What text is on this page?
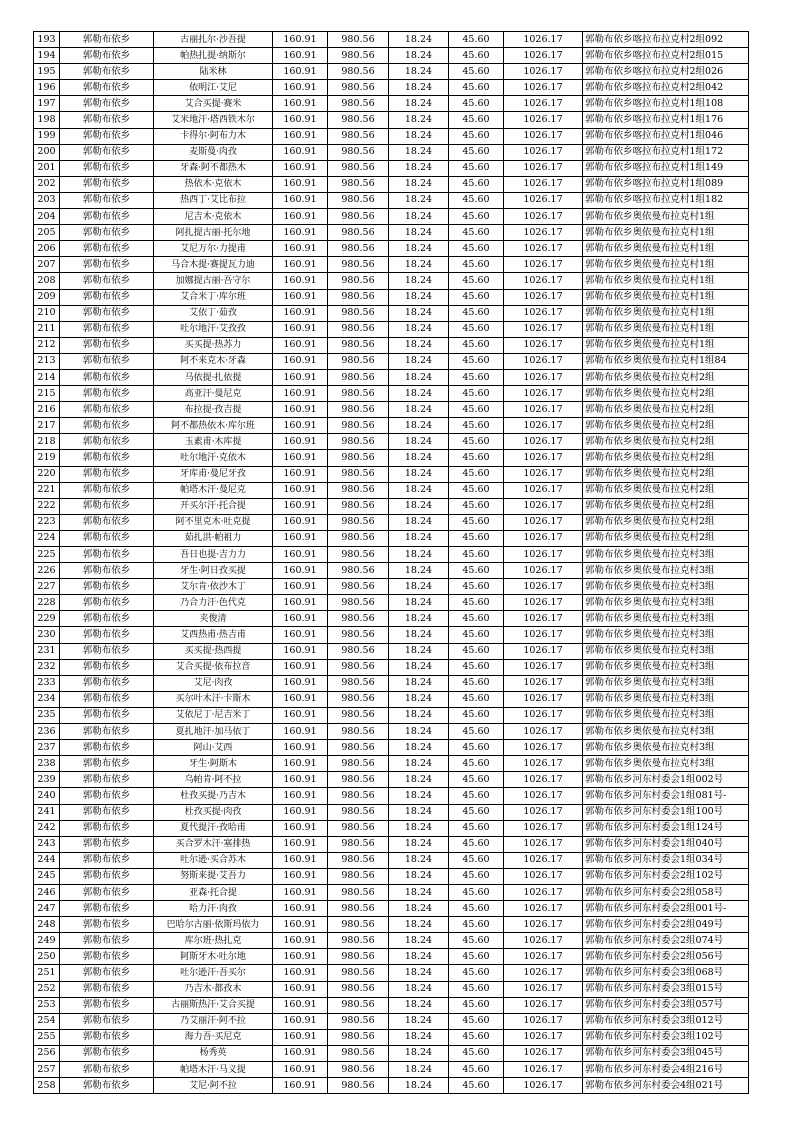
193	郭勒布依乡	古丽扎尔·沙吾提	160.91	980.56	18.24	45.60	1026.17	郭勒布依乡喀拉布拉克村2组092
194	郭勒布依乡	帕热扎提·纳斯尔	160.91	980.56	18.24	45.60	1026.17	郭勒布依乡喀拉布拉克村2组015
195	郭勒布依乡	陆米林	160.91	980.56	18.24	45.60	1026.17	郭勒布依乡喀拉布拉克村2组026
196	郭勒布依乡	依明江·艾尼	160.91	980.56	18.24	45.60	1026.17	郭勒布依乡喀拉布拉克村2组042
197	郭勒布依乡	艾合买提·赛米	160.91	980.56	18.24	45.60	1026.17	郭勒布依乡喀拉布拉克村1组108
198	郭勒布依乡	艾米地汗·塔西铁木尔	160.91	980.56	18.24	45.60	1026.17	郭勒布依乡喀拉布拉克村1组176
199	郭勒布依乡	卡得尔·阿布力木	160.91	980.56	18.24	45.60	1026.17	郭勒布依乡喀拉布拉克村1组046
200	郭勒布依乡	麦斯曼·肉孜	160.91	980.56	18.24	45.60	1026.17	郭勒布依乡喀拉布拉克村1组172
201	郭勒布依乡	牙森·阿不都热木	160.91	980.56	18.24	45.60	1026.17	郭勒布依乡喀拉布拉克村1组149
202	郭勒布依乡	热依木·克依木	160.91	980.56	18.24	45.60	1026.17	郭勒布依乡喀拉布拉克村1组089
203	郭勒布依乡	热西丁·艾比布拉	160.91	980.56	18.24	45.60	1026.17	郭勒布依乡喀拉布拉克村1组182
204	郭勒布依乡	尼吉木·克依木	160.91	980.56	18.24	45.60	1026.17	郭勒布依乡奥依曼布拉克村1组
205	郭勒布依乡	阿扎提古丽·托尔地	160.91	980.56	18.24	45.60	1026.17	郭勒布依乡奥依曼布拉克村1组
206	郭勒布依乡	艾尼万尔·力提甫	160.91	980.56	18.24	45.60	1026.17	郭勒布依乡奥依曼布拉克村1组
207	郭勒布依乡	马合木提·赛提瓦力迪	160.91	980.56	18.24	45.60	1026.17	郭勒布依乡奥依曼布拉克村1组
208	郭勒布依乡	加娜提古丽·吾守尔	160.91	980.56	18.24	45.60	1026.17	郭勒布依乡奥依曼布拉克村1组
209	郭勒布依乡	艾合米丁·库尔班	160.91	980.56	18.24	45.60	1026.17	郭勒布依乡奥依曼布拉克村1组
210	郭勒布依乡	艾依丁·茹孜	160.91	980.56	18.24	45.60	1026.17	郭勒布依乡奥依曼布拉克村1组
211	郭勒布依乡	吐尔地汗·艾孜孜	160.91	980.56	18.24	45.60	1026.17	郭勒布依乡奥依曼布拉克村1组
212	郭勒布依乡	买买提·热苏力	160.91	980.56	18.24	45.60	1026.17	郭勒布依乡奥依曼布拉克村1组
213	郭勒布依乡	阿不来克木·牙森	160.91	980.56	18.24	45.60	1026.17	郭勒布依乡奥依曼布拉克村1组84
214	郭勒布依乡	马依提·扎依提	160.91	980.56	18.24	45.60	1026.17	郭勒布依乡奥依曼布拉克村2组
215	郭勒布依乡	高亚汗·曼尼克	160.91	980.56	18.24	45.60	1026.17	郭勒布依乡奥依曼布拉克村2组
216	郭勒布依乡	布拉提·孜吉提	160.91	980.56	18.24	45.60	1026.17	郭勒布依乡奥依曼布拉克村2组
217	郭勒布依乡	阿不都热依木·库尔班	160.91	980.56	18.24	45.60	1026.17	郭勒布依乡奥依曼布拉克村2组
218	郭勒布依乡	玉素甫·木库提	160.91	980.56	18.24	45.60	1026.17	郭勒布依乡奥依曼布拉克村2组
219	郭勒布依乡	吐尔地汗·克依木	160.91	980.56	18.24	45.60	1026.17	郭勒布依乡奥依曼布拉克村2组
220	郭勒布依乡	牙库甫·曼尼牙孜	160.91	980.56	18.24	45.60	1026.17	郭勒布依乡奥依曼布拉克村2组
221	郭勒布依乡	帕塔木汗·曼尼克	160.91	980.56	18.24	45.60	1026.17	郭勒布依乡奥依曼布拉克村2组
222	郭勒布依乡	开买尔汗·托合提	160.91	980.56	18.24	45.60	1026.17	郭勒布依乡奥依曼布拉克村2组
223	郭勒布依乡	阿不里克木·吐克提	160.91	980.56	18.24	45.60	1026.17	郭勒布依乡奥依曼布拉克村2组
224	郭勒布依乡	茹扎洪·帕祖力	160.91	980.56	18.24	45.60	1026.17	郭勒布依乡奥依曼布拉克村2组
225	郭勒布依乡	吾日也提·吉力力	160.91	980.56	18.24	45.60	1026.17	郭勒布依乡奥依曼布拉克村3组
226	郭勒布依乡	牙生·阿日孜买提	160.91	980.56	18.24	45.60	1026.17	郭勒布依乡奥依曼布拉克村3组
227	郭勒布依乡	艾尔肯·依沙木丁	160.91	980.56	18.24	45.60	1026.17	郭勒布依乡奥依曼布拉克村3组
228	郭勒布依乡	乃合力汗·色代克	160.91	980.56	18.24	45.60	1026.17	郭勒布依乡奥依曼布拉克村3组
229	郭勒布依乡	夹俊清	160.91	980.56	18.24	45.60	1026.17	郭勒布依乡奥依曼布拉克村3组
230	郭勒布依乡	艾西热甫·热吉甫	160.91	980.56	18.24	45.60	1026.17	郭勒布依乡奥依曼布拉克村3组
231	郭勒布依乡	买买提·热西提	160.91	980.56	18.24	45.60	1026.17	郭勒布依乡奥依曼布拉克村3组
232	郭勒布依乡	艾合买提·依布拉音	160.91	980.56	18.24	45.60	1026.17	郭勒布依乡奥依曼布拉克村3组
233	郭勒布依乡	艾尼·肉孜	160.91	980.56	18.24	45.60	1026.17	郭勒布依乡奥依曼布拉克村3组
234	郭勒布依乡	买尔叶木汗·卡斯木	160.91	980.56	18.24	45.60	1026.17	郭勒布依乡奥依曼布拉克村3组
235	郭勒布依乡	艾依尼丁·尼吉米丁	160.91	980.56	18.24	45.60	1026.17	郭勒布依乡奥依曼布拉克村3组
236	郭勒布依乡	夏扎地汗·加马依丁	160.91	980.56	18.24	45.60	1026.17	郭勒布依乡奥依曼布拉克村3组
237	郭勒布依乡	阿山·艾西	160.91	980.56	18.24	45.60	1026.17	郭勒布依乡奥依曼布拉克村3组
238	郭勒布依乡	牙生·阿斯木	160.91	980.56	18.24	45.60	1026.17	郭勒布依乡奥依曼布拉克村3组
239	郭勒布依乡	乌帕肯·阿不拉	160.91	980.56	18.24	45.60	1026.17	郭勒布依乡河东村委会1组002号
240	郭勒布依乡	杜孜买提·乃吉木	160.91	980.56	18.24	45.60	1026.17	郭勒布依乡河东村委会1组081号-
241	郭勒布依乡	杜孜买提·肉孜	160.91	980.56	18.24	45.60	1026.17	郭勒布依乡河东村委会1组100号
242	郭勒布依乡	夏代提汗·孜哈甫	160.91	980.56	18.24	45.60	1026.17	郭勒布依乡河东村委会1组124号
243	郭勒布依乡	买合罗木汗·塞排热	160.91	980.56	18.24	45.60	1026.17	郭勒布依乡河东村委会1组040号
244	郭勒布依乡	吐尔逊·买合苏木	160.91	980.56	18.24	45.60	1026.17	郭勒布依乡河东村委会1组034号
245	郭勒布依乡	努斯来提·艾吾力	160.91	980.56	18.24	45.60	1026.17	郭勒布依乡河东村委会2组102号
246	郭勒布依乡	亚森·托合提	160.91	980.56	18.24	45.60	1026.17	郭勒布依乡河东村委会2组058号
247	郭勒布依乡	哈力汗·肉孜	160.91	980.56	18.24	45.60	1026.17	郭勒布依乡河东村委会2组001号-
248	郭勒布依乡	巴哈尔古丽·依斯玛依力	160.91	980.56	18.24	45.60	1026.17	郭勒布依乡河东村委会2组049号
249	郭勒布依乡	库尔班·热扎克	160.91	980.56	18.24	45.60	1026.17	郭勒布依乡河东村委会2组074号
250	郭勒布依乡	阿斯牙木·吐尔地	160.91	980.56	18.24	45.60	1026.17	郭勒布依乡河东村委会2组056号
251	郭勒布依乡	吐尔逊汗·吾买尔	160.91	980.56	18.24	45.60	1026.17	郭勒布依乡河东村委会3组068号
252	郭勒布依乡	乃吉木·都孜木	160.91	980.56	18.24	45.60	1026.17	郭勒布依乡河东村委会3组015号
253	郭勒布依乡	古丽斯热汗·艾合买提	160.91	980.56	18.24	45.60	1026.17	郭勒布依乡河东村委会3组057号
254	郭勒布依乡	乃艾丽汗·阿不拉	160.91	980.56	18.24	45.60	1026.17	郭勒布依乡河东村委会3组012号
255	郭勒布依乡	海力吾·买尼克	160.91	980.56	18.24	45.60	1026.17	郭勒布依乡河东村委会3组102号
256	郭勒布依乡	杨秀英	160.91	980.56	18.24	45.60	1026.17	郭勒布依乡河东村委会3组045号
257	郭勒布依乡	帕塔木汗·马义提	160.91	980.56	18.24	45.60	1026.17	郭勒布依乡河东村委会4组216号
258	郭勒布依乡	艾尼·阿不拉	160.91	980.56	18.24	45.60	1026.17	郭勒布依乡河东村委会4组021号
